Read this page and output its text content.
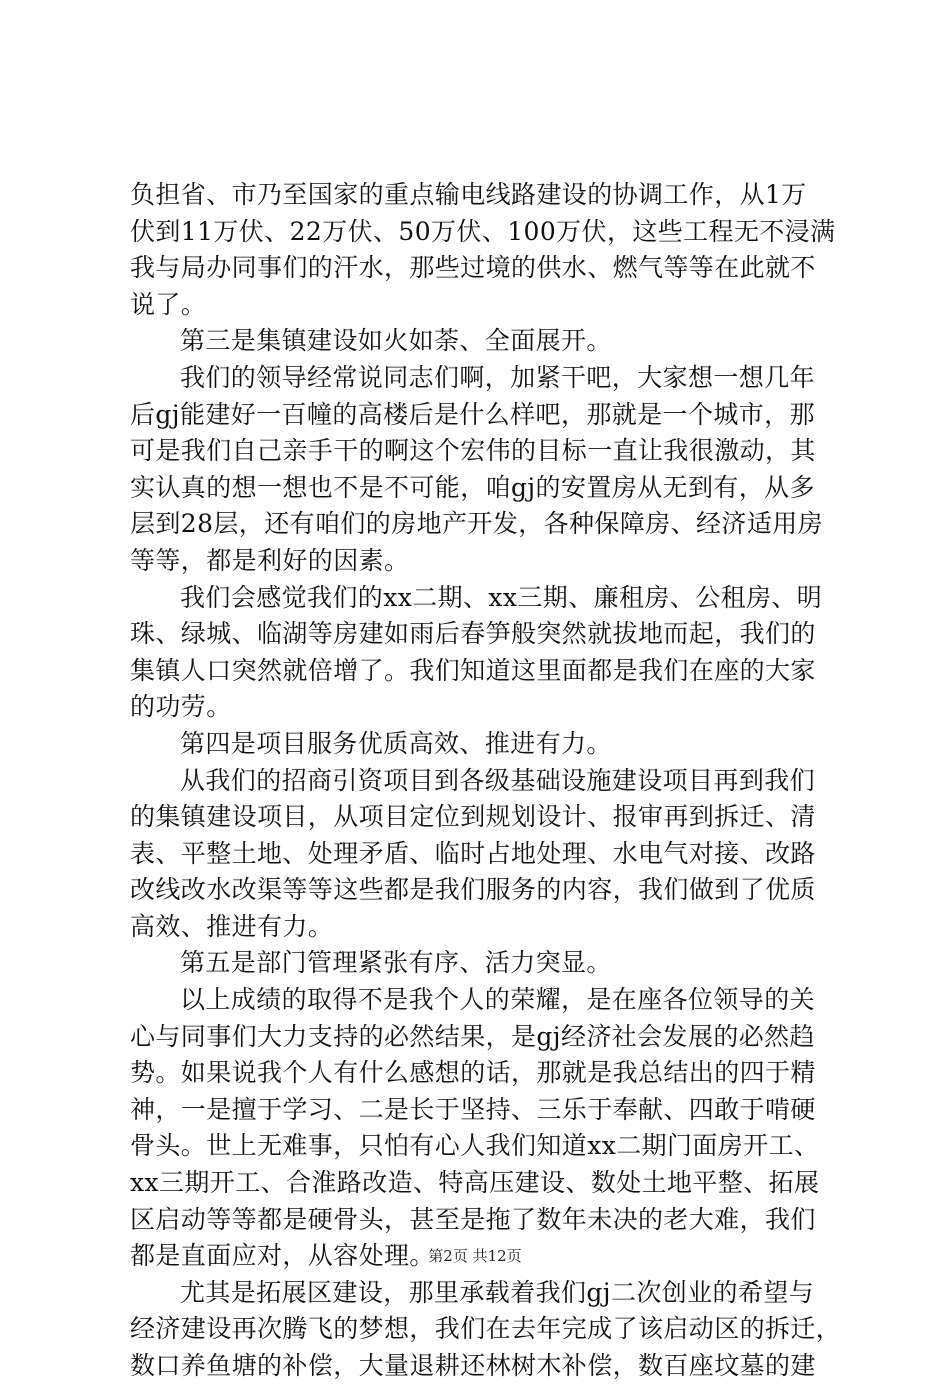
负担省、市乃至国家的重点输电线路建设的协调工作，从1万
伏到11万伏、22万伏、50万伏、100万伏，这些工程无不浸满
我与局办同事们的汗水，那些过境的供水、燃气等等在此就不
说了。
第三是集镇建设如火如荼、全面展开。
我们的领导经常说同志们啊，加紧干吧，大家想一想几年
后gj能建好一百幢的高楼后是什么样吧，那就是一个城市，那
可是我们自己亲手干的啊这个宏伟的目标一直让我很激动，其
实认真的想一想也不是不可能，咱gj的安置房从无到有，从多
层到28层，还有咱们的房地产开发，各种保障房、经济适用房
等等，都是利好的因素。
我们会感觉我们的xx二期、xx三期、廉租房、公租房、明
珠、绿城、临湖等房建如雨后春笋般突然就拔地而起，我们的
集镇人口突然就倍增了。我们知道这里面都是我们在座的大家
的功劳。
第四是项目服务优质高效、推进有力。
从我们的招商引资项目到各级基础设施建设项目再到我们
的集镇建设项目，从项目定位到规划设计、报审再到拆迁、清
表、平整土地、处理矛盾、临时占地处理、水电气对接、改路
改线改水改渠等等这些都是我们服务的内容，我们做到了优质
高效、推进有力。
第五是部门管理紧张有序、活力突显。
以上成绩的取得不是我个人的荣耀，是在座各位领导的关
心与同事们大力支持的必然结果，是gj经济社会发展的必然趋
势。如果说我个人有什么感想的话，那就是我总结出的四于精
神，一是擅于学习、二是长于坚持、三乐于奉献、四敢于啃硬
骨头。世上无难事，只怕有心人我们知道xx二期门面房开工、
xx三期开工、合淮路改造、特高压建设、数处土地平整、拓展
区启动等等都是硬骨头，甚至是拖了数年未决的老大难，我们
都是直面应对，从容处理。
尤其是拓展区建设，那里承载着我们gj二次创业的希望与
经济建设再次腾飞的梦想，我们在去年完成了该启动区的拆迁，
数口养鱼塘的补偿，大量退耕还林树木补偿，数百座坟墓的建
第2页 共12页
